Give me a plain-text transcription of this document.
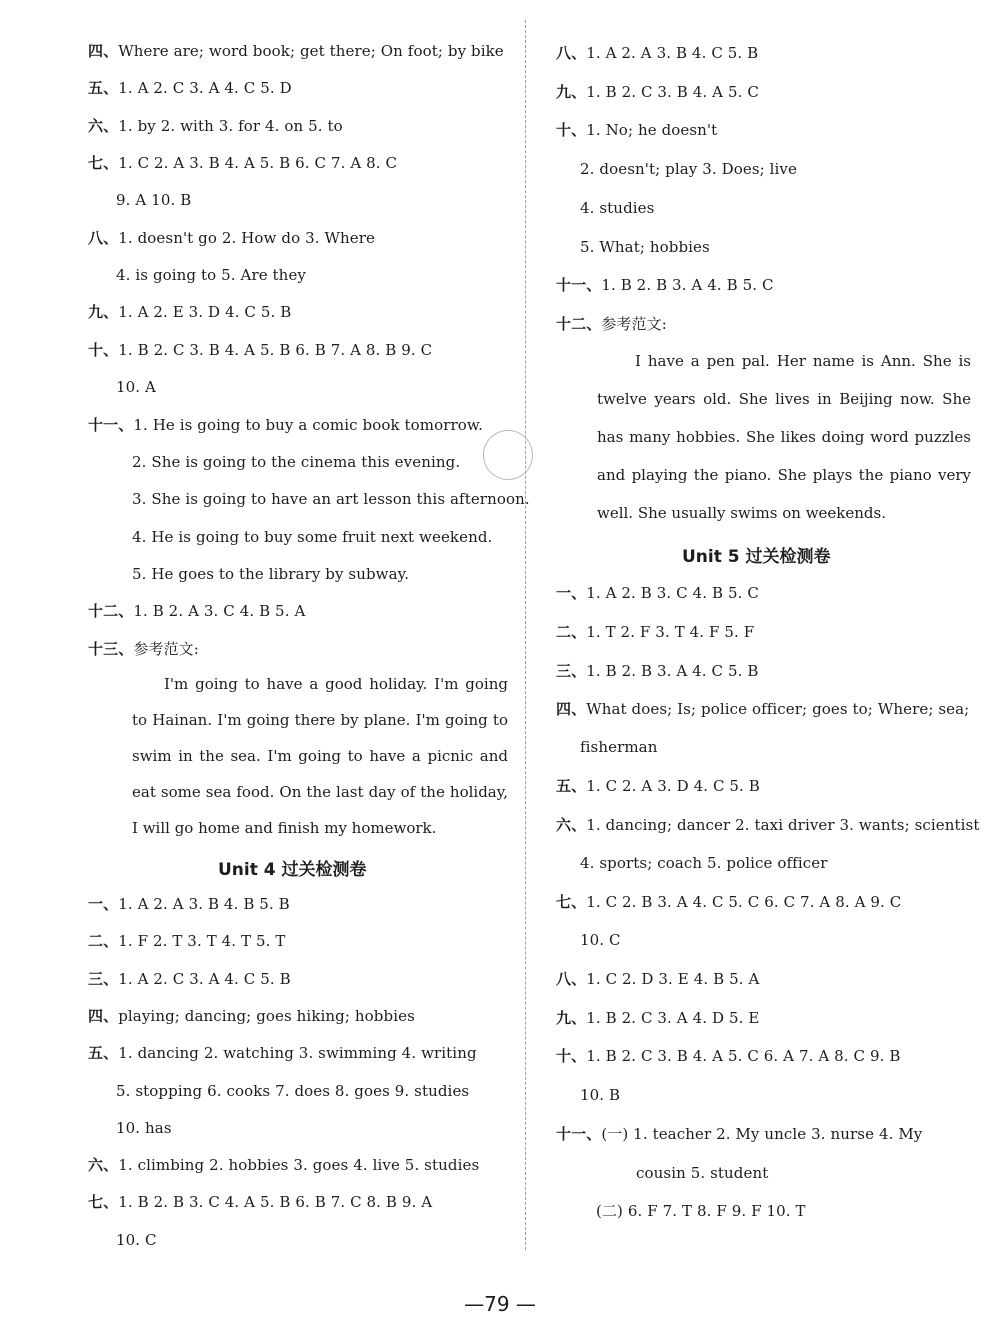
四、Where are; word book; get there; On foot; by bike
五、1. A 2. C 3. A 4. C 5. D
六、1. by 2. with 3. for 4. on 5. to
七、1. C 2. A 3. B 4. A 5. B 6. C 7. A 8. C
9. A 10. B
八、1. doesn't go 2. How do 3. Where
4. is going to 5. Are they
九、1. A 2. E 3. D 4. C 5. B
十、1. B 2. C 3. B 4. A 5. B 6. B 7. A 8. B 9. C
10. A
十一、1. He is going to buy a comic book tomorrow.
2. She is going to the cinema this evening.
3. She is going to have an art lesson this afternoon.
4. He is going to buy some fruit next weekend.
5. He goes to the library by subway.
十二、1. B 2. A 3. C 4. B 5. A
十三、参考范文:
I'm going to have a good holiday. I'm going to Hainan. I'm going there by plane. I'm going to swim in the sea. I'm going to have a picnic and eat some sea food. On the last day of the holiday, I will go home and finish my homework.
Unit 4 过关检测卷
一、1. A 2. A 3. B 4. B 5. B
二、1. F 2. T 3. T 4. T 5. T
三、1. A 2. C 3. A 4. C 5. B
四、playing; dancing; goes hiking; hobbies
五、1. dancing 2. watching 3. swimming 4. writing
5. stopping 6. cooks 7. does 8. goes 9. studies
10. has
六、1. climbing 2. hobbies 3. goes 4. live 5. studies
七、1. B 2. B 3. C 4. A 5. B 6. B 7. C 8. B 9. A
10. C
八、1. A 2. A 3. B 4. C 5. B
九、1. B 2. C 3. B 4. A 5. C
十、1. No; he doesn't
2. doesn't; play 3. Does; live
4. studies
5. What; hobbies
十一、1. B 2. B 3. A 4. B 5. C
十二、参考范文:
I have a pen pal. Her name is Ann. She is twelve years old. She lives in Beijing now. She has many hobbies. She likes doing word puzzles and playing the piano. She plays the piano very well. She usually swims on weekends.
Unit 5 过关检测卷
一、1. A 2. B 3. C 4. B 5. C
二、1. T 2. F 3. T 4. F 5. F
三、1. B 2. B 3. A 4. C 5. B
四、What does; Is; police officer; goes to; Where; sea;
fisherman
五、1. C 2. A 3. D 4. C 5. B
六、1. dancing; dancer 2. taxi driver 3. wants; scientist
4. sports; coach 5. police officer
七、1. C 2. B 3. A 4. C 5. C 6. C 7. A 8. A 9. C
10. C
八、1. C 2. D 3. E 4. B 5. A
九、1. B 2. C 3. A 4. D 5. E
十、1. B 2. C 3. B 4. A 5. C 6. A 7. A 8. C 9. B
10. B
十一、(一) 1. teacher 2. My uncle 3. nurse 4. My
cousin 5. student
(二) 6. F 7. T 8. F 9. F 10. T
—79 —
